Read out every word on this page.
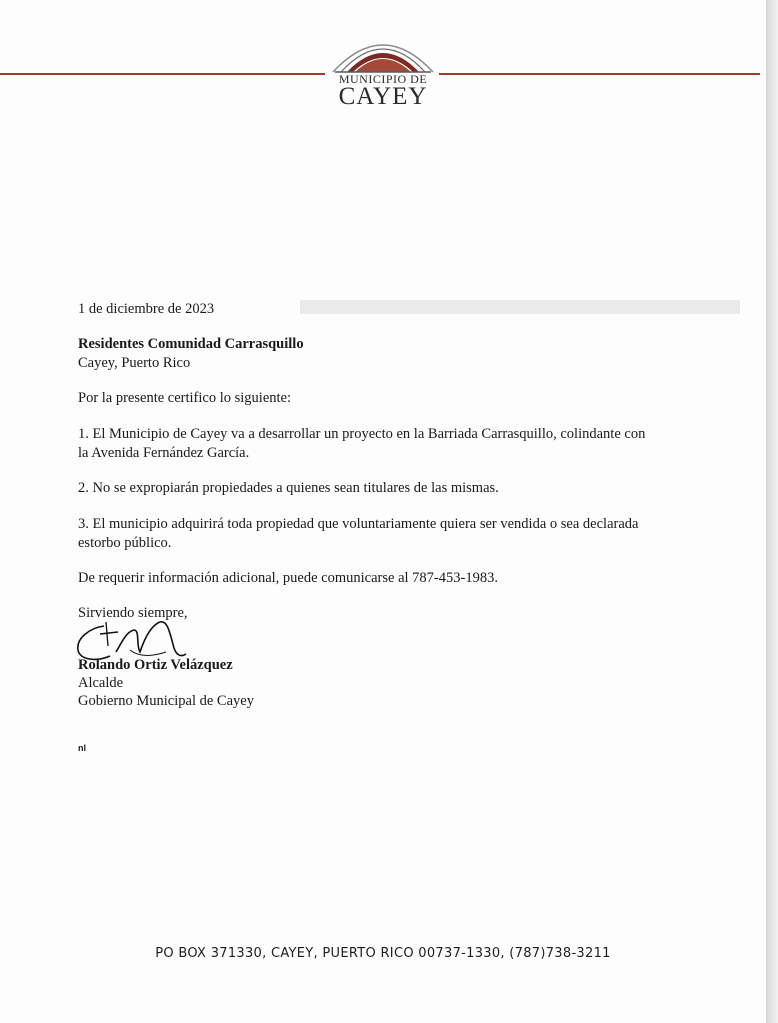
MUNICIPIO DE
CAYEY
1 de diciembre de 2023
Residentes Comunidad Carrasquillo
Cayey, Puerto Rico
Por la presente certifico lo siguiente:
1. El Municipio de Cayey va a desarrollar un proyecto en la Barriada Carrasquillo, colindante con
la Avenida Fernández García.
2. No se expropiarán propiedades a quienes sean titulares de las mismas.
3. El municipio adquirirá toda propiedad que voluntariamente quiera ser vendida o sea declarada
estorbo público.
De requerir información adicional, puede comunicarse al 787-453-1983.
Sirviendo siempre,
Rolando Ortiz Velázquez
Alcalde
Gobierno Municipal de Cayey
nl
PO BOX 371330, CAYEY, PUERTO RICO 00737-1330, (787)738-3211
